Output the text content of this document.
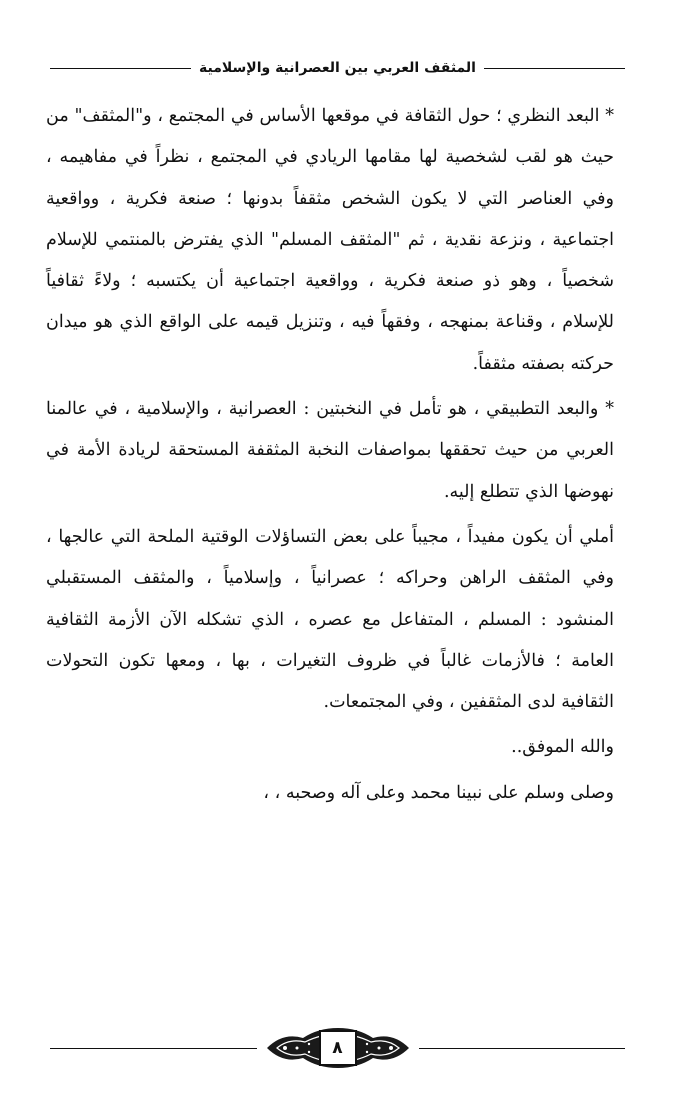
المثقف العربي بين العصرانية والإسلامية

* البعد النظري ؛ حول الثقافة في موقعها الأساس في المجتمع ، و"المثقف" من حيث هو لقب لشخصية لها مقامها الريادي في المجتمع ، نظراً في مفاهيمه ، وفي العناصر التي لا يكون الشخص مثقفاً بدونها ؛ صنعة فكرية ، وواقعية اجتماعية ، ونزعة نقدية ، ثم "المثقف المسلم" الذي يفترض بالمنتمي للإسلام شخصياً ، وهو ذو صنعة فكرية ، وواقعية اجتماعية أن يكتسبه ؛ ولاءً ثقافياً للإسلام ، وقناعة بمنهجه ، وفقهاً فيه ، وتنزيل قيمه على الواقع الذي هو ميدان حركته بصفته مثقفاً.

* والبعد التطبيقي ، هو تأمل في النخبتين : العصرانية ، والإسلامية ، في عالمنا العربي من حيث تحققها بمواصفات النخبة المثقفة المستحقة لريادة الأمة في نهوضها الذي تتطلع إليه.

أملي أن يكون مفيداً ، مجيباً على بعض التساؤلات الوقتية الملحة التي عالجها ، وفي المثقف الراهن وحراكه ؛ عصرانياً ، وإسلامياً ، والمثقف المستقبلي المنشود : المسلم ، المتفاعل مع عصره ، الذي تشكله الآن الأزمة الثقافية العامة ؛ فالأزمات غالباً في ظروف التغيرات ، بها ، ومعها تكون التحولات الثقافية لدى المثقفين ، وفي المجتمعات.

والله الموفق..

وصلى وسلم على نبينا محمد وعلى آله وصحبه ، ،

٨
